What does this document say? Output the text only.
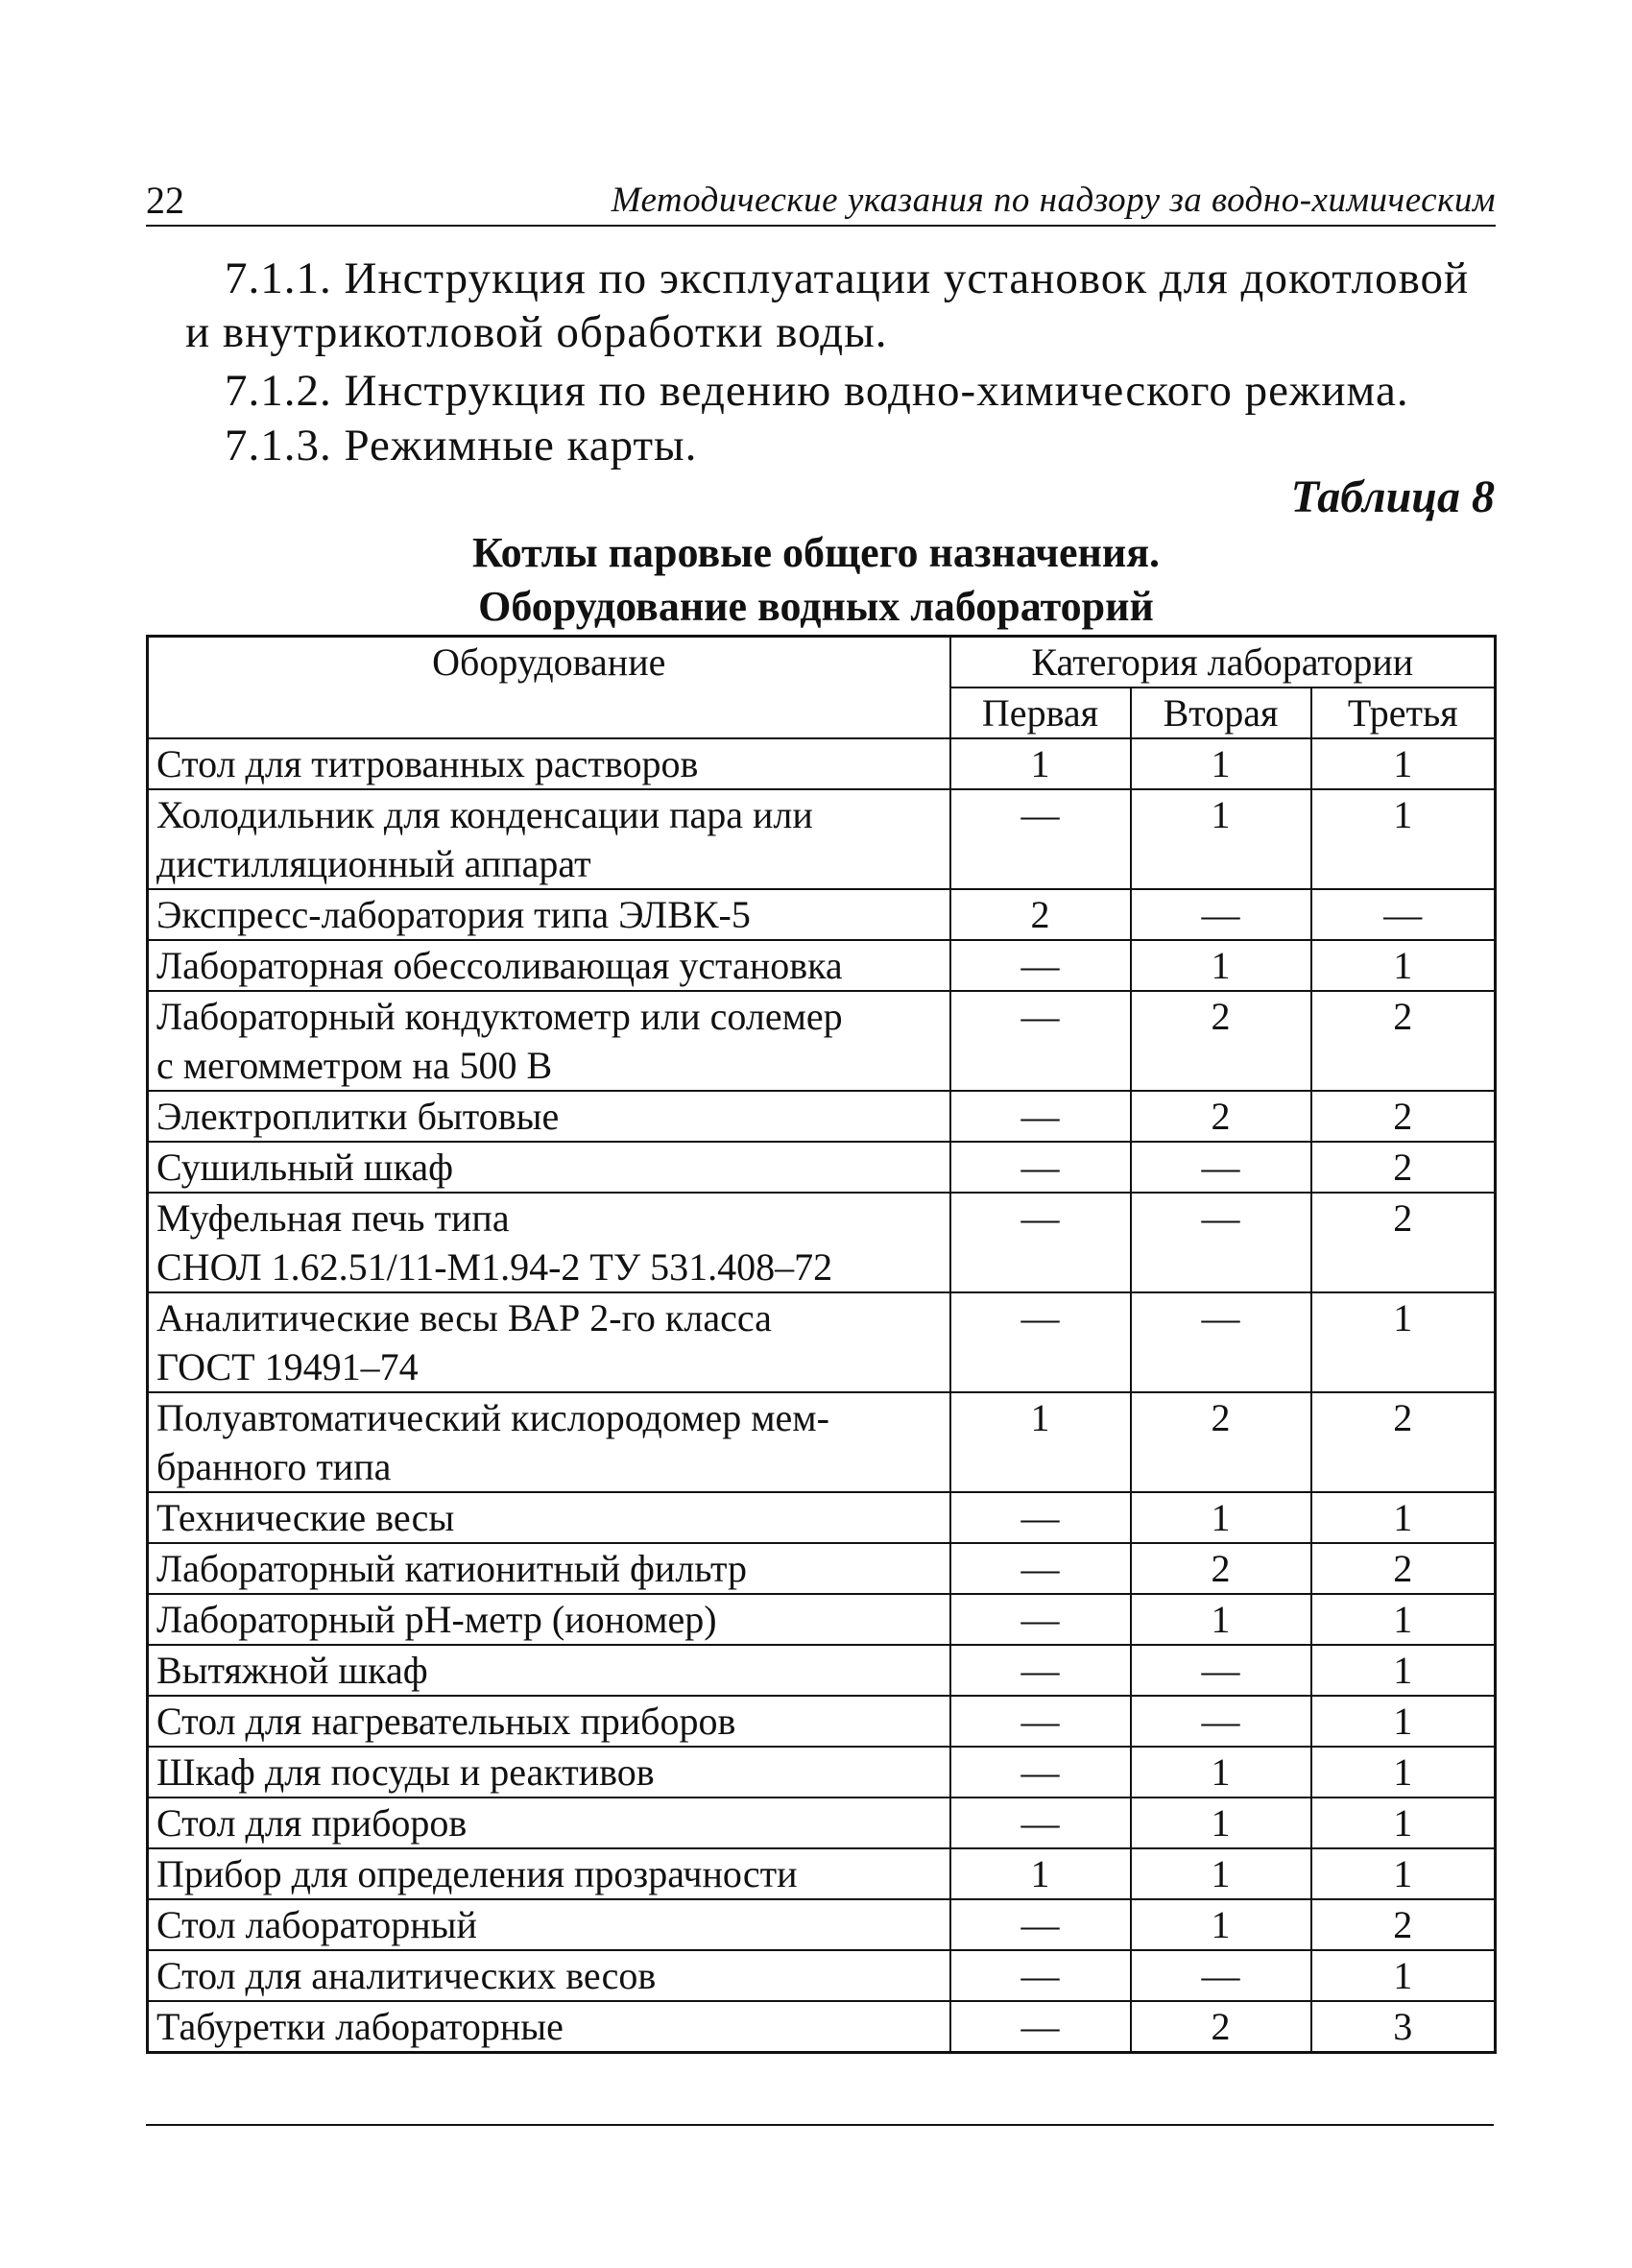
22	Методические указания по надзору за водно-химическим
7.1.1. Инструкция по эксплуатации установок для докотловой
и внутрикотловой обработки воды.
7.1.2. Инструкция по ведению водно-химического режима.
7.1.3. Режимные карты.
Таблица 8
Котлы паровые общего назначения.
Оборудование водных лабораторий
Оборудование	Категория лаборатории		
	Первая	Вторая	Третья

Стол для титрованных растворов	1	1	1

Холодильник для конденсации пара или
дистилляционный аппарат	—	1	1

Экспресс-лаборатория типа ЭЛВК-5	2	—	—

Лабораторная обессоливающая установка	—	1	1

Лабораторный кондуктометр или солемер
с мегомметром на 500 В	—	2	2

Электроплитки бытовые	—	2	2

Сушильный шкаф	—	—	2

Муфельная печь типа
СНОЛ 1.62.51/11-М1.94-2 ТУ 531.408–72	—	—	2

Аналитические весы ВАР 2-го класса
ГОСТ 19491–74	—	—	1

Полуавтоматический кислородомер мем-
бранного типа	1	2	2

Технические весы	—	1	1

Лабораторный катионитный фильтр	—	2	2

Лабораторный pH-метр (иономер)	—	1	1

Вытяжной шкаф	—	—	1

Стол для нагревательных приборов	—	—	1

Шкаф для посуды и реактивов	—	1	1

Стол для приборов	—	1	1

Прибор для определения прозрачности	1	1	1

Стол лабораторный	—	1	2

Стол для аналитических весов	—	—	1

Табуретки лабораторные	—	2	3
